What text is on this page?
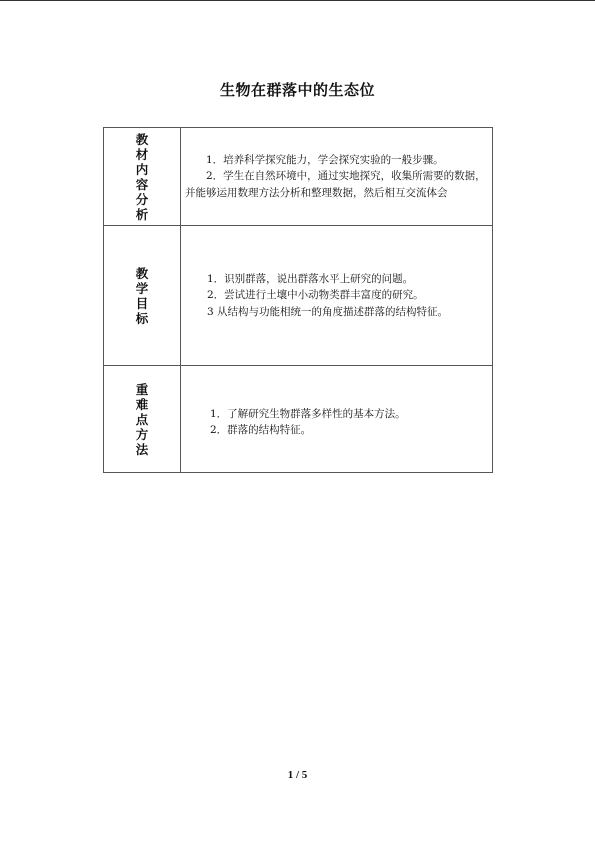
生物在群落中的生态位
教材内容分析	1．培养科学探究能力，学会探究实验的一般步骤。

2．学生在自然环境中，通过实地探究，收集所需要的数据，并能够运用数理方法分析和整理数据，然后相互交流体会

教学目标	1．识别群落，说出群落水平上研究的问题。

2．尝试进行土壤中小动物类群丰富度的研究。

3 从结构与功能相统一的角度描述群落的结构特征。

重难点方法	1．了解研究生物群落多样性的基本方法。

2．群落的结构特征。

1 / 5
